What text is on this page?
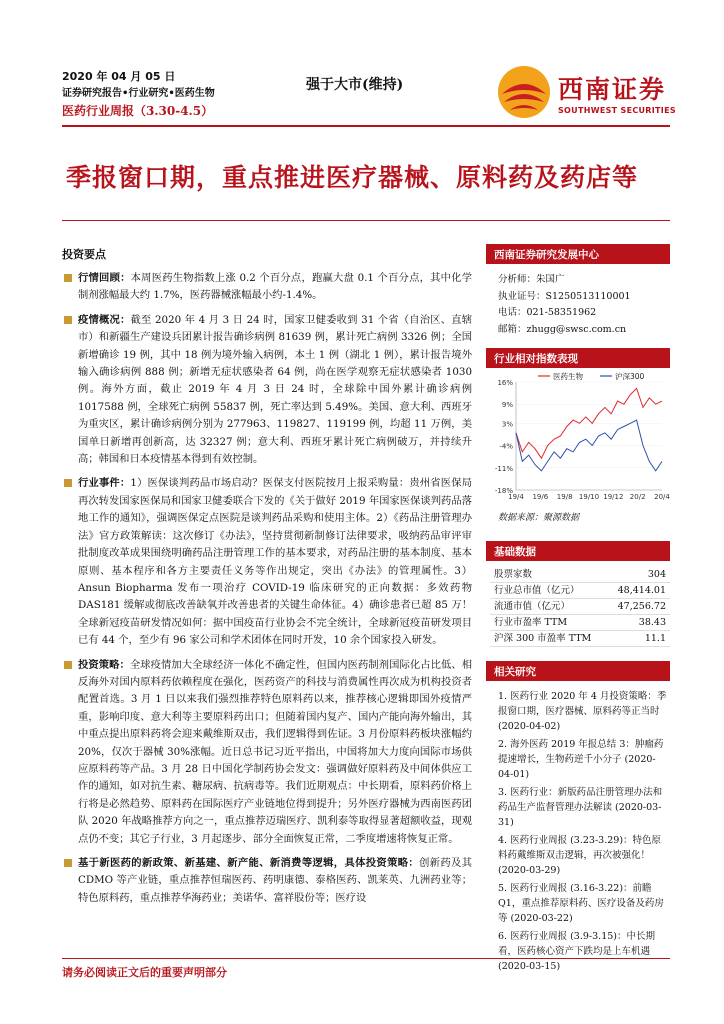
2020 年 04 月 05 日
证券研究报告•行业研究•医药生物
医药行业周报（3.30-4.5）
强于大市(维持)	西南证券
SOUTHWEST SECURITIES
季报窗口期，重点推进医疗器械、原料药及药店等
投资要点
行情回顾：本周医药生物指数上涨 0.2 个百分点，跑赢大盘 0.1 个百分点，其中化学制剂涨幅最大约 1.7%，医药器械涨幅最小约-1.4%。
疫情概况：截至 2020 年 4 月 3 日 24 时，国家卫健委收到 31 个省（自治区、直辖市）和新疆生产建设兵团累计报告确诊病例 81639 例，累计死亡病例 3326 例；全国新增确诊 19 例，其中 18 例为境外输入病例，本土 1 例（湖北 1 例），累计报告境外输入确诊病例 888 例；新增无症状感染者 64 例，尚在医学观察无症状感染者 1030 例。海外方面，截止 2019 年 4 月 3 日 24 时，全球除中国外累计确诊病例 1017588 例，全球死亡病例 55837 例，死亡率达到 5.49%。美国、意大利、西班牙为重灾区，累计确诊病例分别为 277963、119827、119199 例，均超 11 万例，美国单日新增再创新高，达 32327 例；意大利、西班牙累计死亡病例破万，并持续升高；韩国和日本疫情基本得到有效控制。
行业事件：1）医保谈判药品市场启动？医保支付医院按月上报采购量：贵州省医保局再次转发国家医保局和国家卫健委联合下发的《关于做好 2019 年国家医保谈判药品落地工作的通知》，强调医保定点医院是谈判药品采购和使用主体。2）《药品注册管理办法》官方政策解读：这次修订《办法》，坚持贯彻新制修订法律要求，吸纳药品审评审批制度改革成果围绕明确药品注册管理工作的基本要求，对药品注册的基本制度、基本原则、基本程序和各方主要责任义务等作出规定，突出《办法》的管理属性。3）Ansun Biopharma 发布一项治疗 COVID-19 临床研究的正向数据：多效药物 DAS181 缓解或彻底改善缺氧并改善患者的关键生命体征。4）确诊患者已超 85 万！全球新冠疫苗研发情况如何：据中国疫苗行业协会不完全统计，全球新冠疫苗研发项目已有 44 个，至少有 96 家公司和学术团体在同时开发，10 余个国家投入研发。
投资策略：全球疫情加大全球经济一体化不确定性，但国内医药制剂国际化占比低、相反海外对国内原料药依赖程度在强化，医药资产的科技与消费属性再次成为机构投资者配置首选。3 月 1 日以来我们强烈推荐特色原料药以来，推荐核心逻辑即国外疫情严重，影响印度、意大利等主要原料药出口；但随着国内复产、国内产能向海外输出，其中重点提出原料药将会迎来戴维斯双击，我们逻辑得到佐证。3 月份原料药板块涨幅约 20%，仅次于器械 30%涨幅。近日总书记习近平指出，中国将加大力度向国际市场供应原料药等产品。3 月 28 日中国化学制药协会发文：强调做好原料药及中间体供应工作的通知，如对抗生素、糖尿病、抗病毒等。我们近期观点：中长期看，原料药价格上行将是必然趋势、原料药在国际医疗产业链地位得到提升；另外医疗器械为西南医药团队 2020 年战略推荐方向之一，重点推荐迈瑞医疗、凯利泰等取得显著超额收益，现观点仍不变；其它子行业，3 月起逐步、部分全面恢复正常，二季度增速将恢复正常。
基于新医药的新政策、新基建、新产能、新消费等逻辑，具体投资策略：创新药及其 CDMO 等产业链，重点推荐恒瑞医药、药明康德、泰格医药、凯莱英、九洲药业等；特色原料药，重点推荐华海药业；美诺华、富祥股份等；医疗设
西南证券研究发展中心
分析师：朱国广
执业证号：S1250513110001
电话：021-58351962
邮箱：zhugg@swsc.com.cn
行业相对指数表现
16%
9%
3%
-4%
-11%
-18%
19/4 19/6 19/8 19/10 19/12 20/2 20/4
医药生物	沪深300
数据来源：聚源数据
基础数据
股票家数	304
行业总市值（亿元）	48,414.01
流通市值（亿元）	47,256.72
行业市盈率 TTM	38.43
沪深 300 市盈率 TTM	11.1
相关研究
1. 医药行业 2020 年 4 月投资策略：季报窗口期，医疗器械、原料药等正当时 (2020-04-02)
2. 海外医药 2019 年报总结 3：肿瘤药提速增长，生物药逆千小分子 (2020-04-01)
3. 医药行业：新版药品注册管理办法和药品生产监督管理办法解读 (2020-03-31)
4. 医药行业周报 (3.23-3.29)：特色原料药戴维斯双击逻辑，再次被强化！ (2020-03-29)
5. 医药行业周报 (3.16-3.22)：前瞻 Q1，重点推荐原料药、医疗设备及药房等 (2020-03-22)
6. 医药行业周报 (3.9-3.15)：中长期看，医药核心资产下跌均是上车机遇 (2020-03-15)
请务必阅读正文后的重要声明部分
